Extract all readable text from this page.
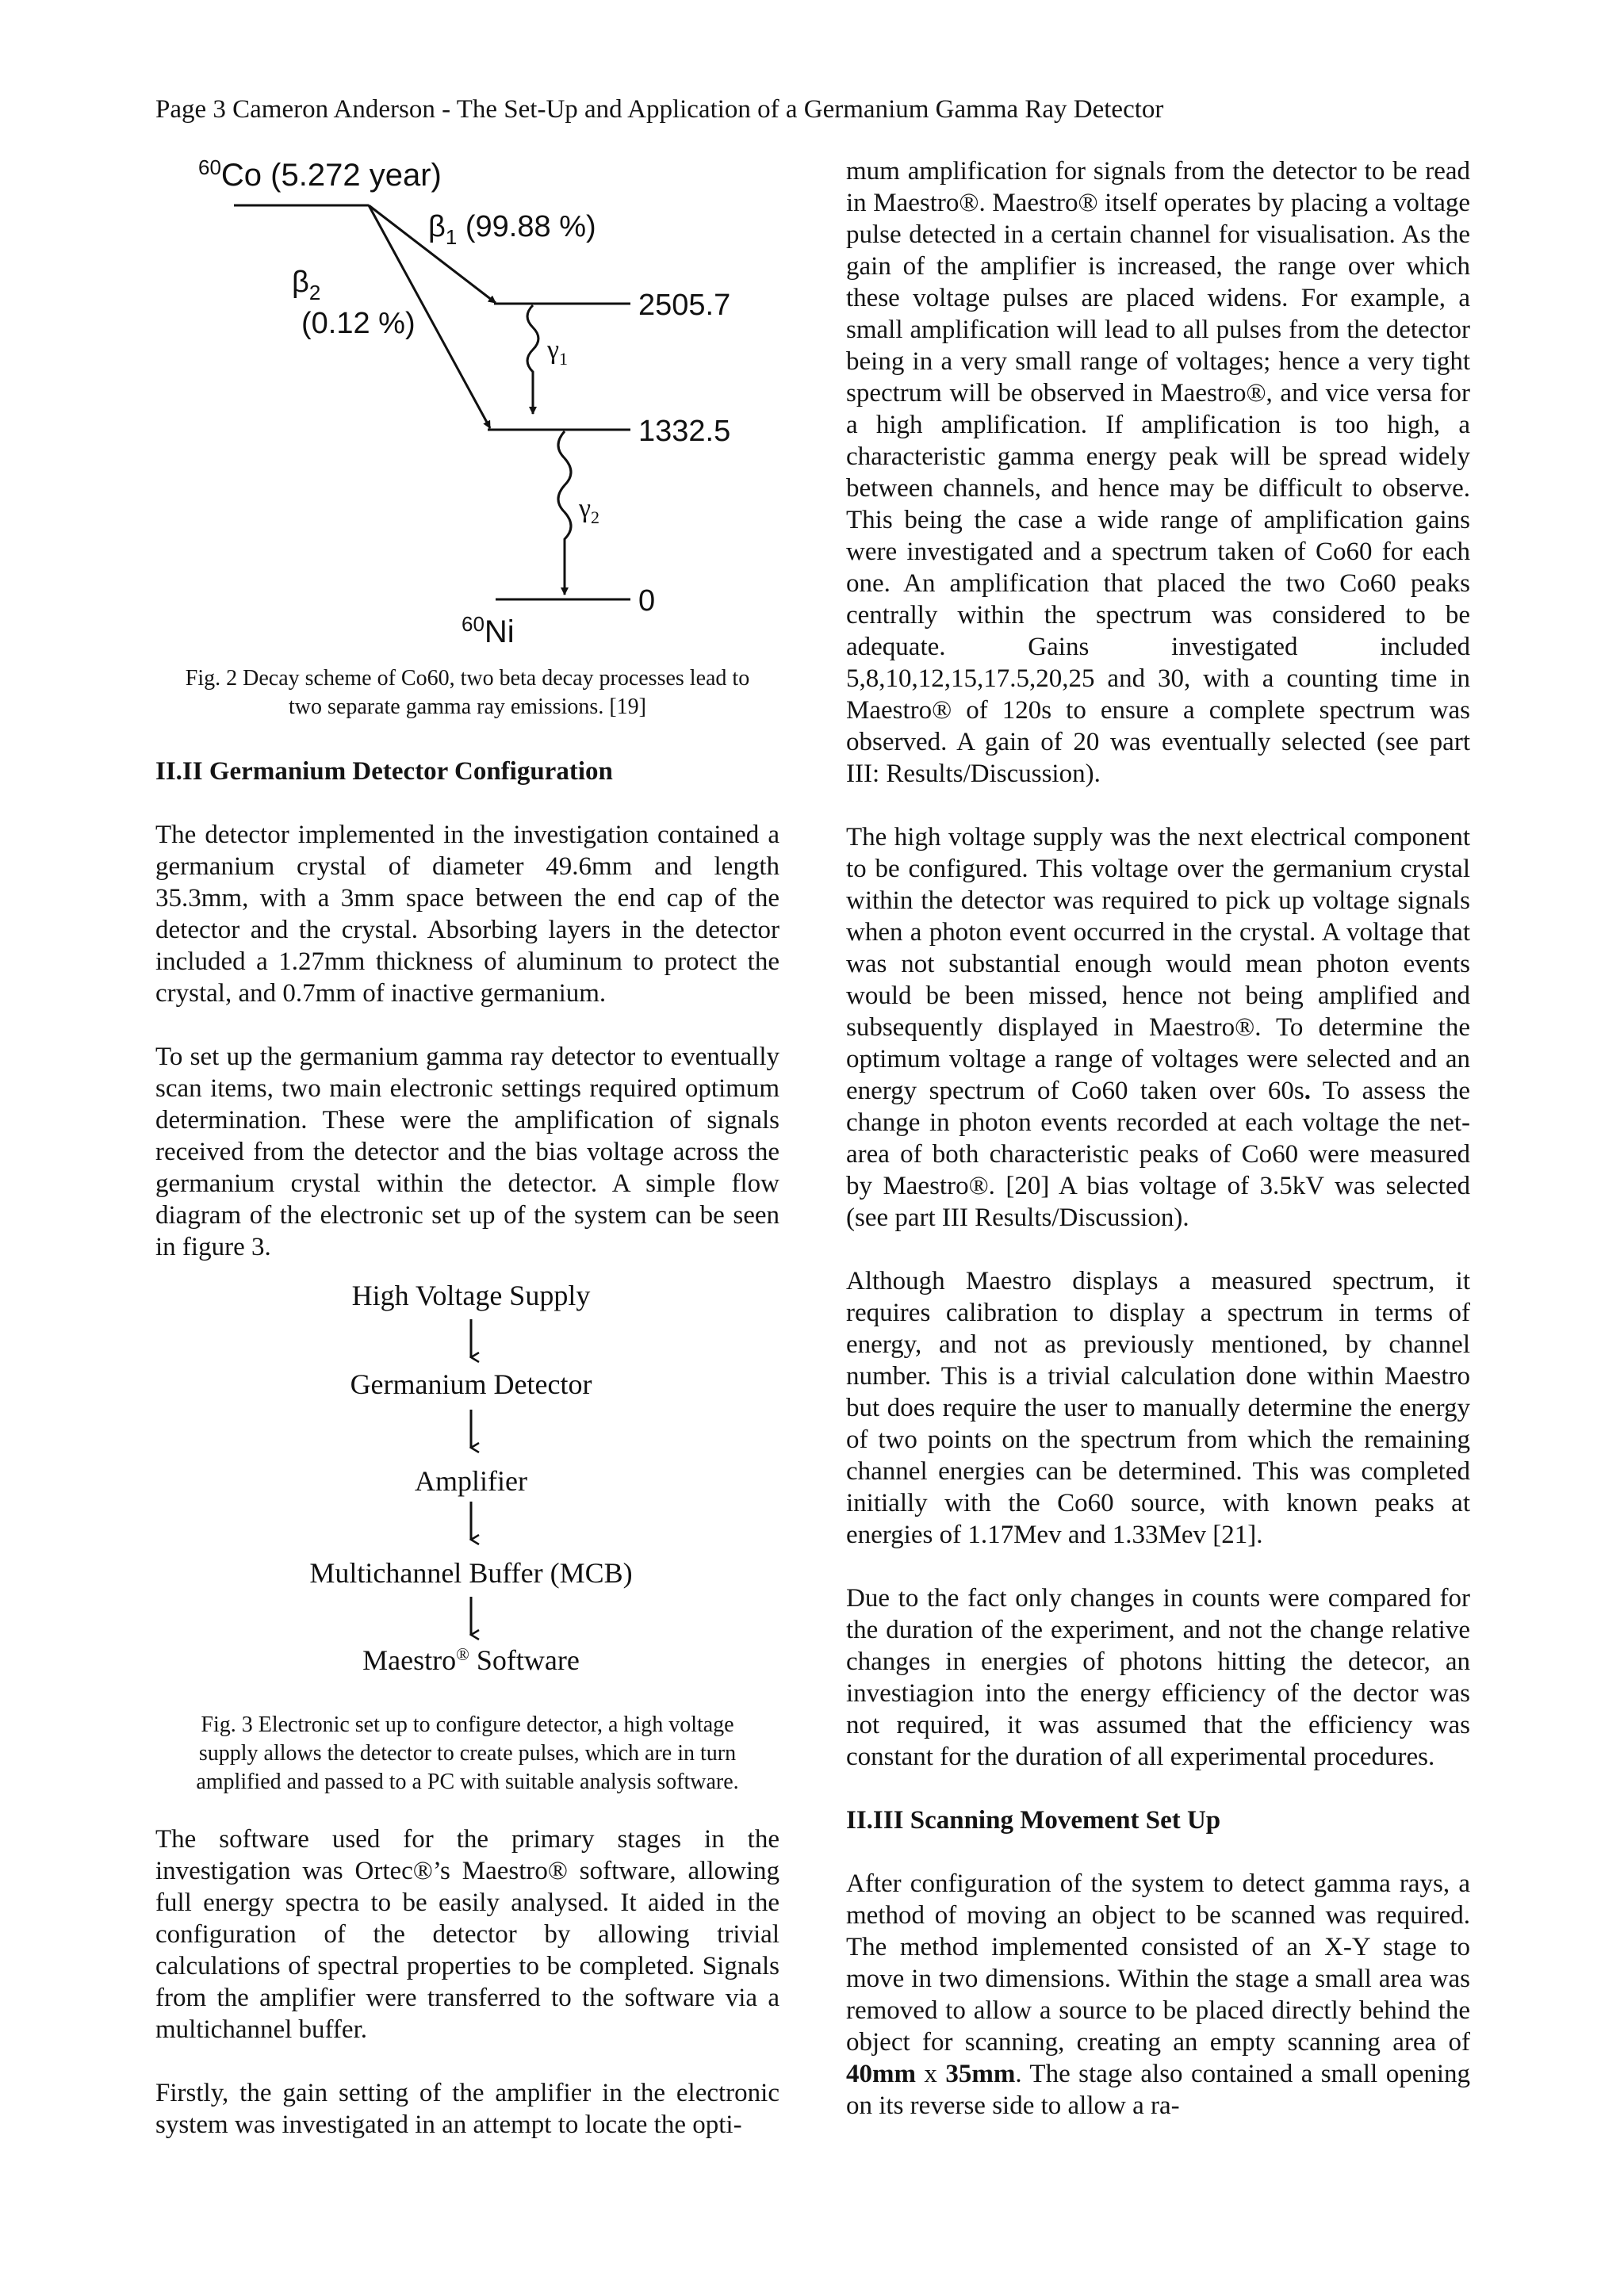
Page 3 Cameron Anderson - The Set-Up and Application of a Germanium Gamma Ray Detector
$^{60}$Co (5.272 year)
$\beta_1$ (99.88 %)
$\beta_2$
(0.12 %)
2505.7
$\gamma_1$
1332.5
$\gamma_2$
0
$^{60}$Ni
Fig. 2 Decay scheme of Co60, two beta decay processes lead to
two separate gamma ray emissions. [19]

II.II Germanium Detector Configuration

The detector implemented in the investigation contained a germanium crystal of diameter 49.6mm and length 35.3mm, with a 3mm space between the end cap of the detector and the crystal. Absorbing layers in the detector included a 1.27mm thickness of aluminum to protect the crystal, and 0.7mm of inactive germanium.

To set up the germanium gamma ray detector to eventually scan items, two main electronic settings required optimum determination. These were the amplification of signals received from the detector and the bias voltage across the germanium crystal within the detector. A simple flow diagram of the electronic set up of the system can be seen in figure 3.

High Voltage Supply
Germanium Detector
Amplifier
Multichannel Buffer (MCB)
Maestro® Software
Fig. 3 Electronic set up to configure detector, a high voltage
supply allows the detector to create pulses, which are in turn
amplified and passed to a PC with suitable analysis software.

The software used for the primary stages in the investigation was Ortec®’s Maestro® software, allowing full energy spectra to be easily analysed. It aided in the configuration of the detector by allowing trivial calculations of spectral properties to be completed. Signals from the amplifier were transferred to the software via a multichannel buffer.

Firstly, the gain setting of the amplifier in the electronic system was investigated in an attempt to locate the opti-

mum amplification for signals from the detector to be read in Maestro®. Maestro® itself operates by placing a voltage pulse detected in a certain channel for visualisation. As the gain of the amplifier is increased, the range over which these voltage pulses are placed widens. For example, a small amplification will lead to all pulses from the detector being in a very small range of voltages; hence a very tight spectrum will be observed in Maestro®, and vice versa for a high amplification. If amplification is too high, a characteristic gamma energy peak will be spread widely between channels, and hence may be difficult to observe. This being the case a wide range of amplification gains were investigated and a spectrum taken of Co60 for each one. An amplification that placed the two Co60 peaks centrally within the spectrum was considered to be adequate. Gains investigated included 5,8,10,12,15,17.5,20,25 and 30, with a counting time in Maestro® of 120s to ensure a complete spectrum was observed. A gain of 20 was eventually selected (see part III: Results/Discussion).

The high voltage supply was the next electrical component to be configured. This voltage over the germanium crystal within the detector was required to pick up voltage signals when a photon event occurred in the crystal. A voltage that was not substantial enough would mean photon events would be been missed, hence not being amplified and subsequently displayed in Maestro®. To determine the optimum voltage a range of voltages were selected and an energy spectrum of Co60 taken over 60s. To assess the change in photon events recorded at each voltage the net-area of both characteristic peaks of Co60 were measured by Maestro®. [20] A bias voltage of 3.5kV was selected (see part III Results/Discussion).

Although Maestro displays a measured spectrum, it requires calibration to display a spectrum in terms of energy, and not as previously mentioned, by channel number. This is a trivial calculation done within Maestro but does require the user to manually determine the energy of two points on the spectrum from which the remaining channel energies can be determined. This was completed initially with the Co60 source, with known peaks at energies of 1.17Mev and 1.33Mev [21].

Due to the fact only changes in counts were compared for the duration of the experiment, and not the change relative changes in energies of photons hitting the detecor, an investiagion into the energy efficiency of the dector was not required, it was assumed that the efficiency was constant for the duration of all experimental procedures.

II.III Scanning Movement Set Up

After configuration of the system to detect gamma rays, a method of moving an object to be scanned was required. The method implemented consisted of an X-Y stage to move in two dimensions. Within the stage a small area was removed to allow a source to be placed directly behind the object for scanning, creating an empty scanning area of 40mm x 35mm. The stage also contained a small opening on its reverse side to allow a ra-
